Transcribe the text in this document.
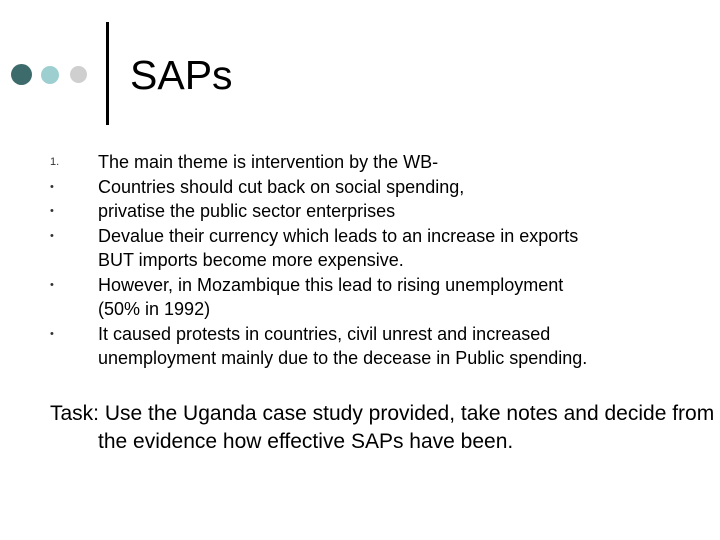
SAPs
1.	The main theme is intervention by the WB-
•	Countries should cut back on social spending,
•	privatise the public sector enterprises
•	Devalue their currency which leads to an increase in exports
BUT imports become more expensive.
•	However, in Mozambique this lead to rising unemployment
(50% in 1992)
•	It caused protests in countries, civil unrest and increased
unemployment mainly due to the decease in Public spending.

Task: Use the Uganda case study provided, take notes and decide from the evidence how effective SAPs have been.
